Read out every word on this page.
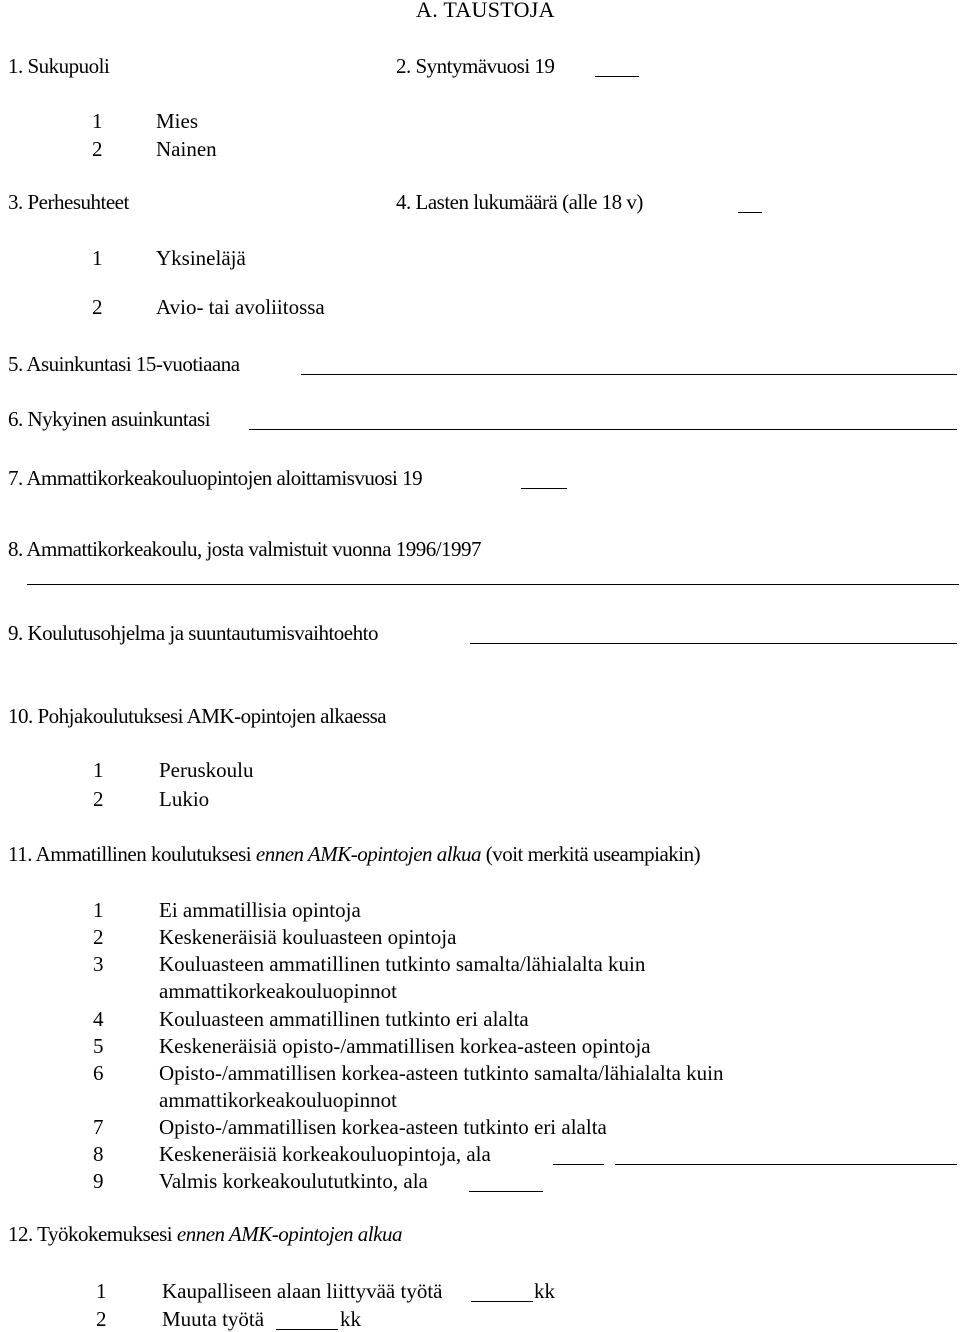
A. TAUSTOJA
1. Sukupuoli	2. Syntymävuosi 19
1	Mies
2	Nainen
3. Perhesuhteet	4. Lasten lukumäärä (alle 18 v)
1	Yksineläjä
2	Avio- tai avoliitossa
5. Asuinkuntasi 15-vuotiaana
6. Nykyinen asuinkuntasi
7. Ammattikorkeakouluopintojen aloittamisvuosi 19
8. Ammattikorkeakoulu, josta valmistuit vuonna 1996/1997
9. Koulutusohjelma ja suuntautumisvaihtoehto
10. Pohjakoulutuksesi AMK-opintojen alkaessa
1	Peruskoulu
2	Lukio
11. Ammatillinen koulutuksesi ennen AMK-opintojen alkua (voit merkitä useampiakin)
1	Ei ammatillisia opintoja
2	Keskeneräisiä kouluasteen opintoja
3	Kouluasteen ammatillinen tutkinto samalta/lähialalta kuin
ammattikorkeakouluopinnot
4	Kouluasteen ammatillinen tutkinto eri alalta
5	Keskeneräisiä opisto-/ammatillisen korkea-asteen opintoja
6	Opisto-/ammatillisen korkea-asteen tutkinto samalta/lähialalta kuin
ammattikorkeakouluopinnot
7	Opisto-/ammatillisen korkea-asteen tutkinto eri alalta
8	Keskeneräisiä korkeakouluopintoja, ala
9	Valmis korkeakoulututkinto, ala
12. Työkokemuksesi ennen AMK-opintojen alkua
1	Kaupalliseen alaan liittyvää työtä	kk
2	Muuta työtä	kk
